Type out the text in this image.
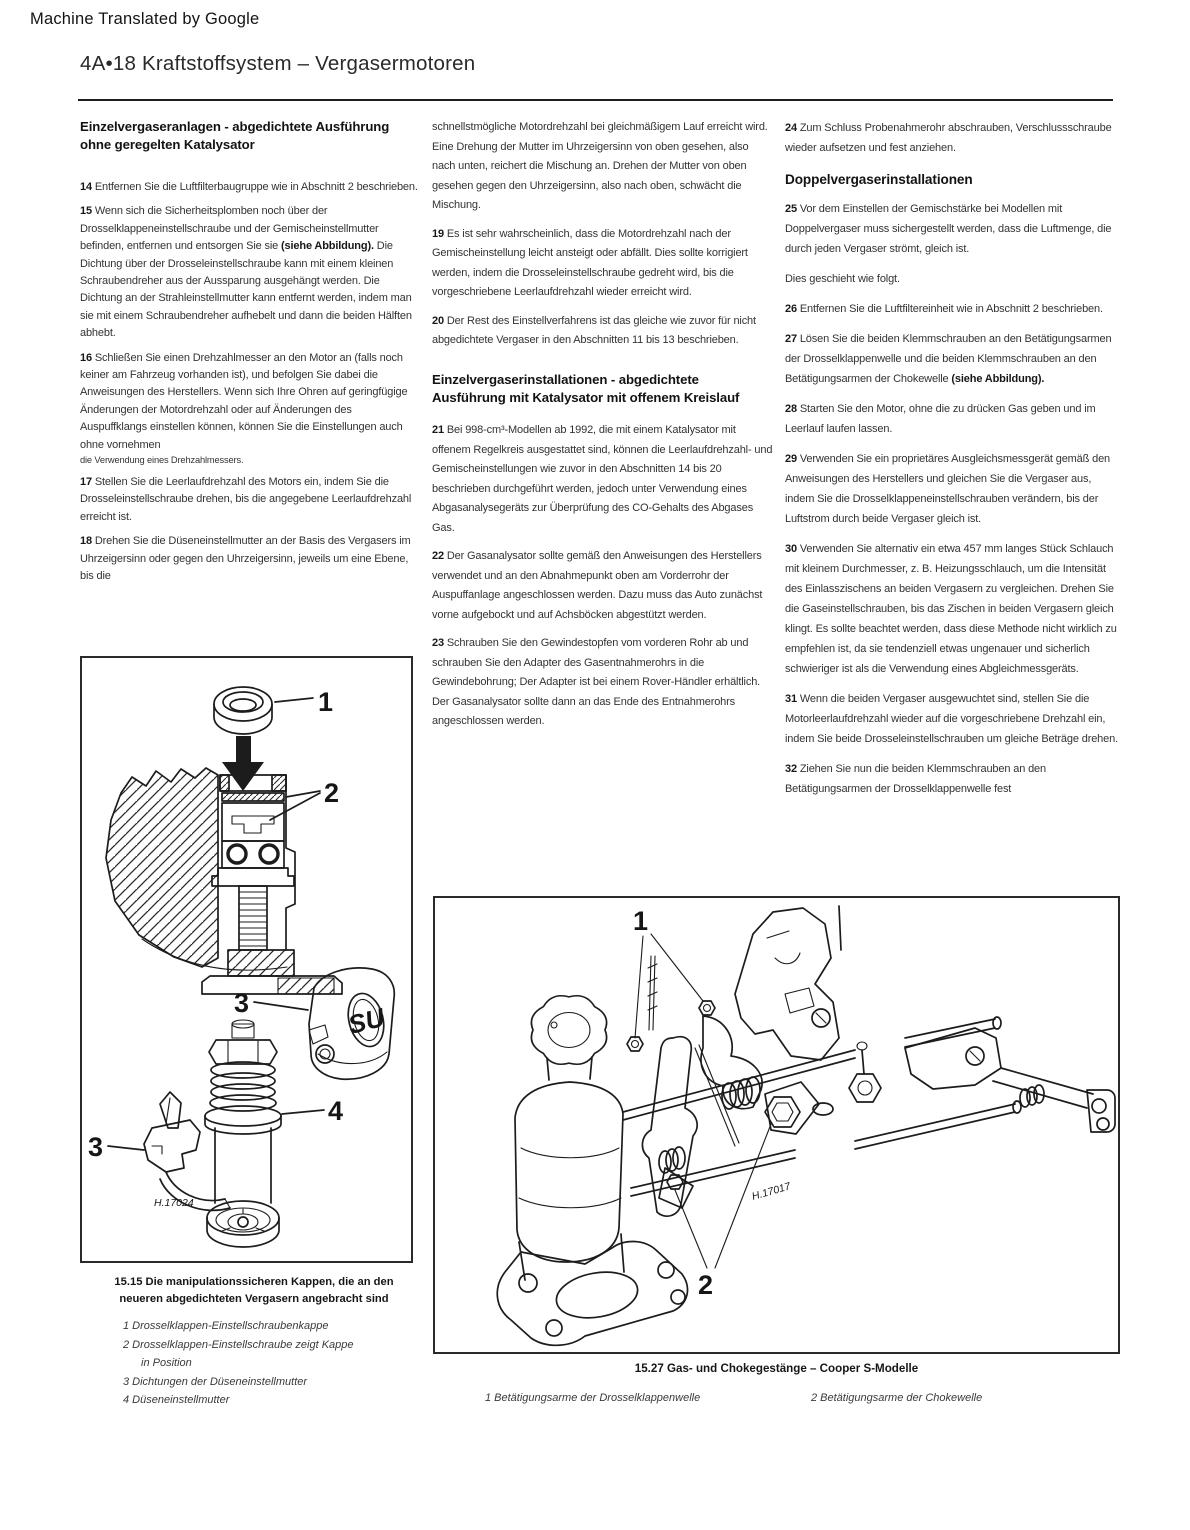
Machine Translated by Google
4A•18 Kraftstoffsystem – Vergasermotoren
Einzelvergaseranlagen - abgedichtete Ausführung ohne geregelten Katalysator

14 Entfernen Sie die Luftfilterbaugruppe wie in Abschnitt 2 beschrieben.

15 Wenn sich die Sicherheitsplomben noch über der Drosselklappeneinstellschraube und der Gemischeinstellmutter befinden, entfernen und entsorgen Sie sie (siehe Abbildung). Die Dichtung über der Drosseleinstellschraube kann mit einem kleinen Schraubendreher aus der Aussparung ausgehängt werden. Die Dichtung an der Strahleinstellmutter kann entfernt werden, indem man sie mit einem Schraubendreher aufhebelt und dann die beiden Hälften abhebt.

16 Schließen Sie einen Drehzahlmesser an den Motor an (falls noch keiner am Fahrzeug vorhanden ist), und befolgen Sie dabei die Anweisungen des Herstellers. Wenn sich Ihre Ohren auf geringfügige Änderungen der Motordrehzahl oder auf Änderungen des Auspuffklangs einstellen können, können Sie die Einstellungen auch ohne vornehmen
die Verwendung eines Drehzahlmessers.

17 Stellen Sie die Leerlaufdrehzahl des Motors ein, indem Sie die Drosseleinstellschraube drehen, bis die angegebene Leerlaufdrehzahl erreicht ist.

18 Drehen Sie die Düseneinstellmutter an der Basis des Vergasers im Uhrzeigersinn oder gegen den Uhrzeigersinn, jeweils um eine Ebene, bis die

schnellstmögliche Motordrehzahl bei gleichmäßigem Lauf erreicht wird. Eine Drehung der Mutter im Uhrzeigersinn von oben gesehen, also nach unten, reichert die Mischung an. Drehen der Mutter von oben gesehen gegen den Uhrzeigersinn, also nach oben, schwächt die Mischung.

19 Es ist sehr wahrscheinlich, dass die Motordrehzahl nach der Gemischeinstellung leicht ansteigt oder abfällt. Dies sollte korrigiert werden, indem die Drosseleinstellschraube gedreht wird, bis die vorgeschriebene Leerlaufdrehzahl wieder erreicht wird.

20 Der Rest des Einstellverfahrens ist das gleiche wie zuvor für nicht abgedichtete Vergaser in den Abschnitten 11 bis 13 beschrieben.

Einzelvergaserinstallationen - abgedichtete Ausführung mit Katalysator mit offenem Kreislauf

21 Bei 998-cm³-Modellen ab 1992, die mit einem Katalysator mit offenem Regelkreis ausgestattet sind, können die Leerlaufdrehzahl- und Gemischeinstellungen wie zuvor in den Abschnitten 14 bis 20 beschrieben durchgeführt werden, jedoch unter Verwendung eines Abgasanalysegeräts zur Überprüfung des CO-Gehalts des Abgases Gas.

22 Der Gasanalysator sollte gemäß den Anweisungen des Herstellers verwendet und an den Abnahmepunkt oben am Vorderrohr der Auspuffanlage angeschlossen werden. Dazu muss das Auto zunächst vorne aufgebockt und auf Achsböcken abgestützt werden.

23 Schrauben Sie den Gewindestopfen vom vorderen Rohr ab und schrauben Sie den Adapter des Gasentnahmerohrs in die Gewindebohrung; Der Adapter ist bei einem Rover-Händler erhältlich. Der Gasanalysator sollte dann an das Ende des Entnahmerohrs angeschlossen werden.

24 Zum Schluss Probenahmerohr abschrauben, Verschlussschraube wieder aufsetzen und fest anziehen.

Doppelvergaserinstallationen

25 Vor dem Einstellen der Gemischstärke bei Modellen mit Doppelvergaser muss sichergestellt werden, dass die Luftmenge, die durch jeden Vergaser strömt, gleich ist.

Dies geschieht wie folgt.

26 Entfernen Sie die Luftfiltereinheit wie in Abschnitt 2 beschrieben.

27 Lösen Sie die beiden Klemmschrauben an den Betätigungsarmen der Drosselklappenwelle und die beiden Klemmschrauben an den Betätigungsarmen der Chokewelle (siehe Abbildung).

28 Starten Sie den Motor, ohne die zu drücken Gas geben und im Leerlauf laufen lassen.

29 Verwenden Sie ein proprietäres Ausgleichsmessgerät gemäß den Anweisungen des Herstellers und gleichen Sie die Vergaser aus, indem Sie die Drosselklappeneinstellschrauben verändern, bis der Luftstrom durch beide Vergaser gleich ist.

30 Verwenden Sie alternativ ein etwa 457 mm langes Stück Schlauch mit kleinem Durchmesser, z. B. Heizungsschlauch, um die Intensität des Einlasszischens an beiden Vergasern zu vergleichen. Drehen Sie die Gaseinstellschrauben, bis das Zischen in beiden Vergasern gleich klingt. Es sollte beachtet werden, dass diese Methode nicht wirklich zu empfehlen ist, da sie tendenziell etwas ungenauer und sicherlich schwieriger ist als die Verwendung eines Abgleichmessgeräts.

31 Wenn die beiden Vergaser ausgewuchtet sind, stellen Sie die Motorleerlaufdrehzahl wieder auf die vorgeschriebene Drehzahl ein, indem Sie beide Drosseleinstellschrauben um gleiche Beträge drehen.

32 Ziehen Sie nun die beiden Klemmschrauben an den Betätigungsarmen der Drosselklappenwelle fest

1
2
SU
3
4
3
H.17024
15.15 Die manipulationssicheren Kappen, die an den
neueren abgedichteten Vergasern angebracht sind
1 Drosselklappen-Einstellschraubenkappe
2 Drosselklappen-Einstellschraube zeigt Kappe
in Position
3 Dichtungen der Düseneinstellmutter
4 Düseneinstellmutter
1
2
H.17017
15.27 Gas- und Chokegestänge – Cooper S-Modelle
1 Betätigungsarme der Drosselklappenwelle	2 Betätigungsarme der Chokewelle
